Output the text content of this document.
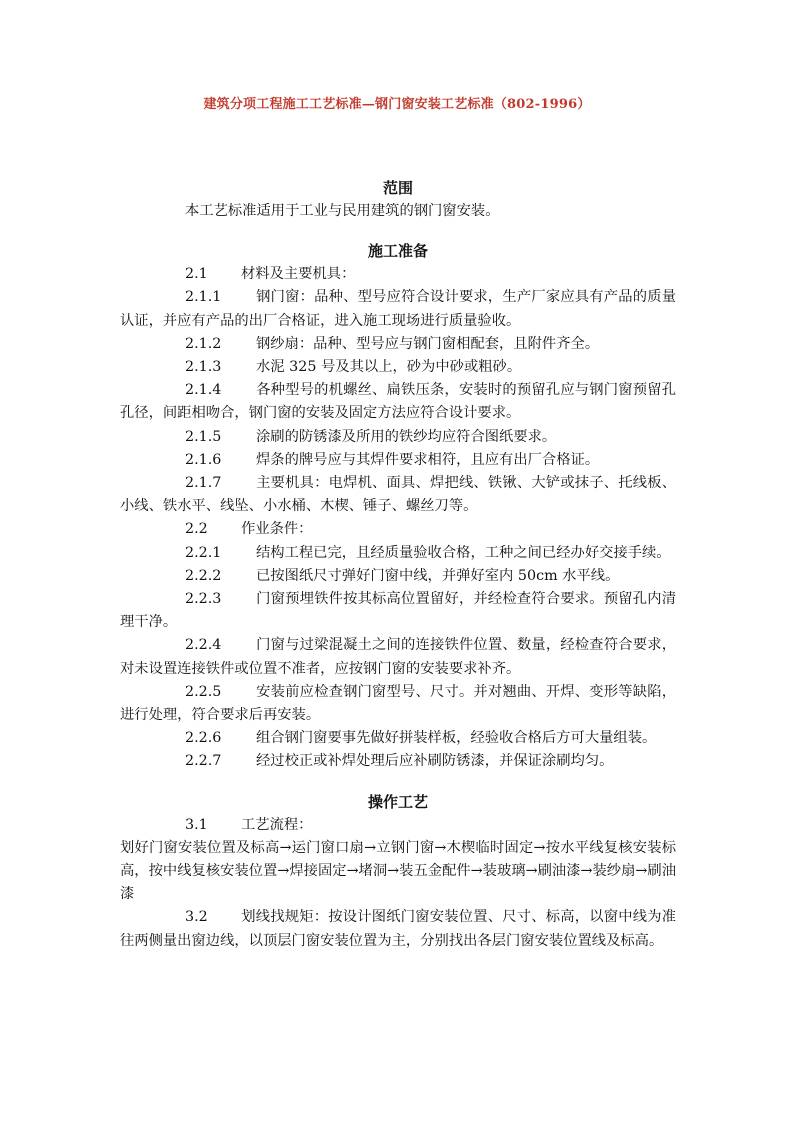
建筑分项工程施工工艺标准—钢门窗安装工艺标准（802-1996）
范围

本工艺标准适用于工业与民用建筑的钢门窗安装。

施工准备

2.1 材料及主要机具：

2.1.1 钢门窗：品种、型号应符合设计要求，生产厂家应具有产品的质量认证，并应有产品的出厂合格证，进入施工现场进行质量验收。

2.1.2 钢纱扇：品种、型号应与钢门窗相配套，且附件齐全。

2.1.3 水泥 325 号及其以上，砂为中砂或粗砂。

2.1.4 各种型号的机螺丝、扁铁压条，安装时的预留孔应与钢门窗预留孔孔径，间距相吻合，钢门窗的安装及固定方法应符合设计要求。

2.1.5 涂刷的防锈漆及所用的铁纱均应符合图纸要求。

2.1.6 焊条的牌号应与其焊件要求相符，且应有出厂合格证。

2.1.7 主要机具：电焊机、面具、焊把线、铁锹、大铲或抹子、托线板、小线、铁水平、线坠、小水桶、木楔、锤子、螺丝刀等。

2.2 作业条件：

2.2.1 结构工程已完，且经质量验收合格，工种之间已经办好交接手续。

2.2.2 已按图纸尺寸弹好门窗中线，并弹好室内 50cm 水平线。

2.2.3 门窗预埋铁件按其标高位置留好，并经检查符合要求。预留孔内清理干净。

2.2.4 门窗与过梁混凝土之间的连接铁件位置、数量，经检查符合要求，对未设置连接铁件或位置不准者，应按钢门窗的安装要求补齐。

2.2.5 安装前应检查钢门窗型号、尺寸。并对翘曲、开焊、变形等缺陷，进行处理，符合要求后再安装。

2.2.6 组合钢门窗要事先做好拼装样板，经验收合格后方可大量组装。

2.2.7 经过校正或补焊处理后应补刷防锈漆，并保证涂刷均匀。

操作工艺

3.1 工艺流程：

划好门窗安装位置及标高→运门窗口扇→立钢门窗→木楔临时固定→按水平线复核安装标高，按中线复核安装位置→焊接固定→堵洞→装五金配件→装玻璃→刷油漆→装纱扇→刷油漆

3.2 划线找规矩：按设计图纸门窗安装位置、尺寸、标高，以窗中线为准往两侧量出窗边线，以顶层门窗安装位置为主，分别找出各层门窗安装位置线及标高。
